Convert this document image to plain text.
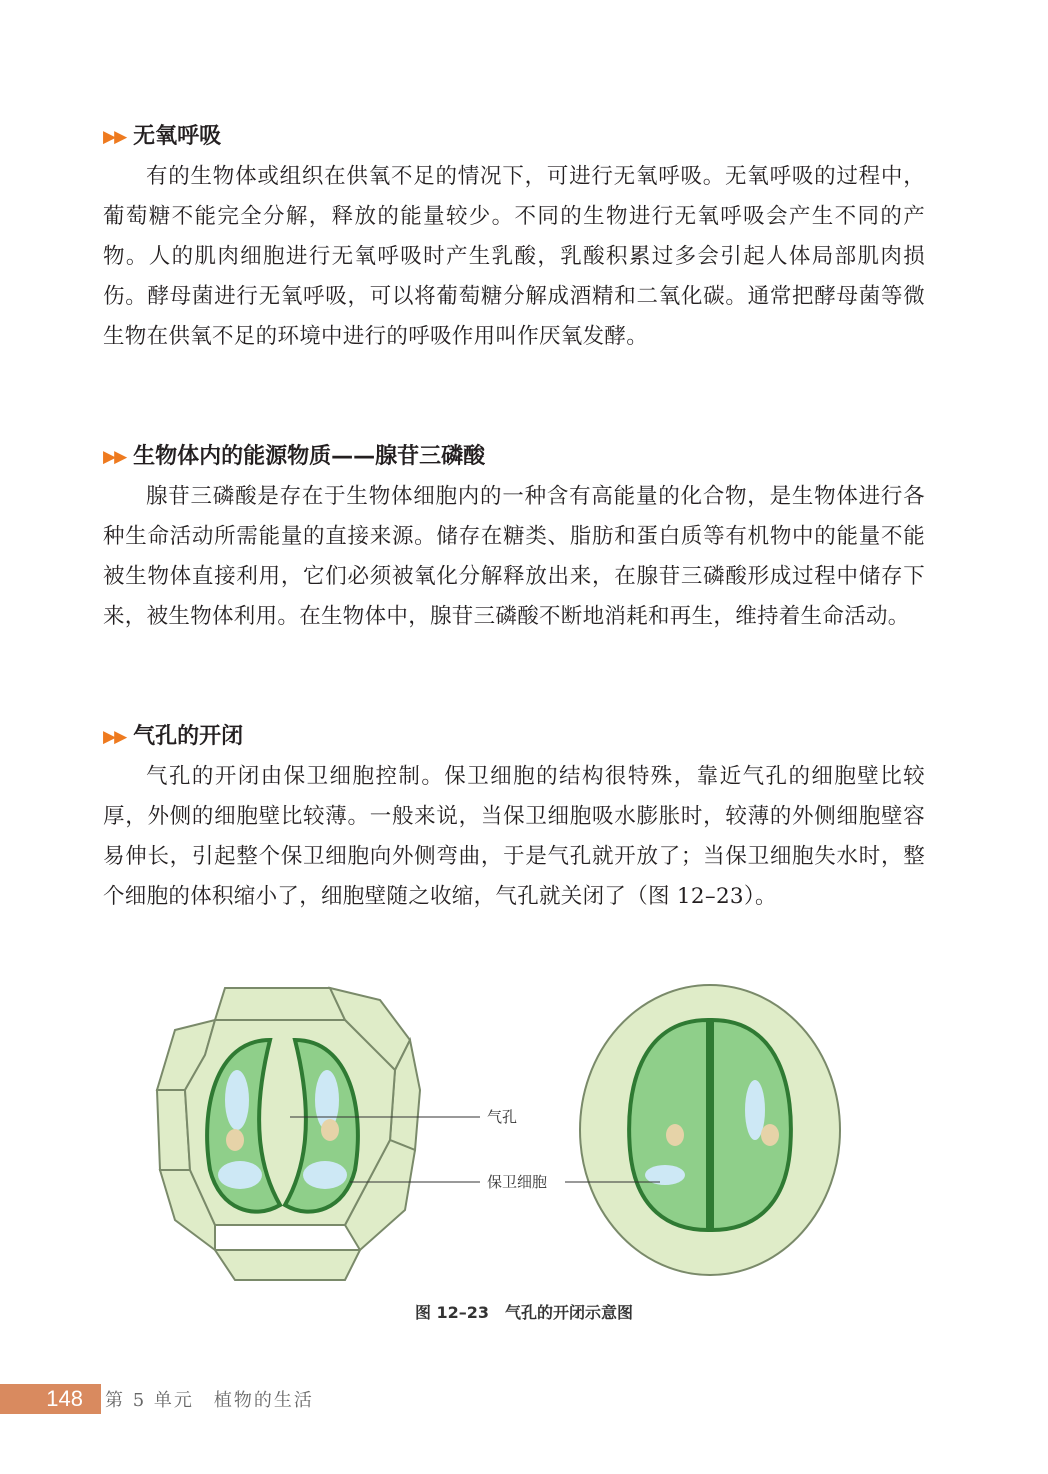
▶▶ 无氧呼吸
有的生物体或组织在供氧不足的情况下，可进行无氧呼吸。无氧呼吸的过程中，葡萄糖不能完全分解，释放的能量较少。不同的生物进行无氧呼吸会产生不同的产物。人的肌肉细胞进行无氧呼吸时产生乳酸，乳酸积累过多会引起人体局部肌肉损伤。酵母菌进行无氧呼吸，可以将葡萄糖分解成酒精和二氧化碳。通常把酵母菌等微生物在供氧不足的环境中进行的呼吸作用叫作厌氧发酵。
▶▶ 生物体内的能源物质——腺苷三磷酸
腺苷三磷酸是存在于生物体细胞内的一种含有高能量的化合物，是生物体进行各种生命活动所需能量的直接来源。储存在糖类、脂肪和蛋白质等有机物中的能量不能被生物体直接利用，它们必须被氧化分解释放出来，在腺苷三磷酸形成过程中储存下来，被生物体利用。在生物体中，腺苷三磷酸不断地消耗和再生，维持着生命活动。
▶▶ 气孔的开闭
气孔的开闭由保卫细胞控制。保卫细胞的结构很特殊，靠近气孔的细胞壁比较厚，外侧的细胞壁比较薄。一般来说，当保卫细胞吸水膨胀时，较薄的外侧细胞壁容易伸长，引起整个保卫细胞向外侧弯曲，于是气孔就开放了；当保卫细胞失水时，整个细胞的体积缩小了，细胞壁随之收缩，气孔就关闭了（图 12–23）。
气孔
保卫细胞
图 12–23　气孔的开闭示意图
148	第 5 单元　植物的生活
